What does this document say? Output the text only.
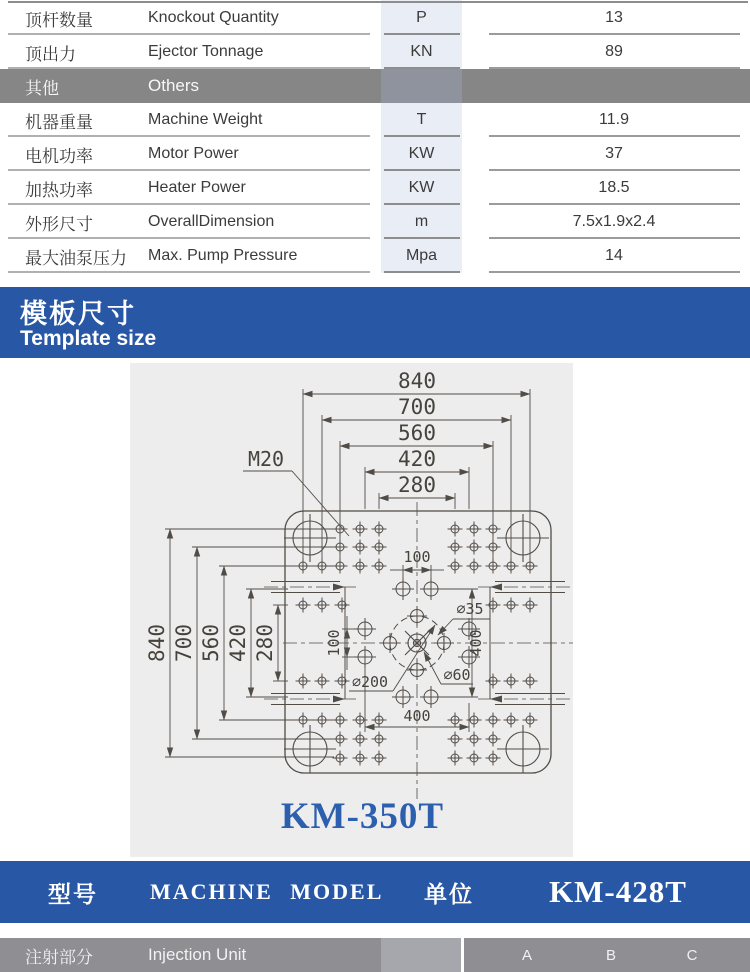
顶杆数量	Knockout Quantity	P	13
顶出力	Ejector Tonnage	KN	89
其他	Others
机器重量	Machine Weight	T	11.9
电机功率	Motor Power	KW	37
加热功率	Heater Power	KW	18.5
外形尺寸	OverallDimension	m	7.5x1.9x2.4
最大油泵压力 Max. Pump Pressure	Mpa	14
模板尺寸
Template size
840
700
560
420
280
840 700 560 420 280
M20
100
100
400
400
∅35
∅200	∅60
KM-350T
型号 MACHINE MODEL 单位 KM-428T
注射部分	Injection Unit	A	B	C
